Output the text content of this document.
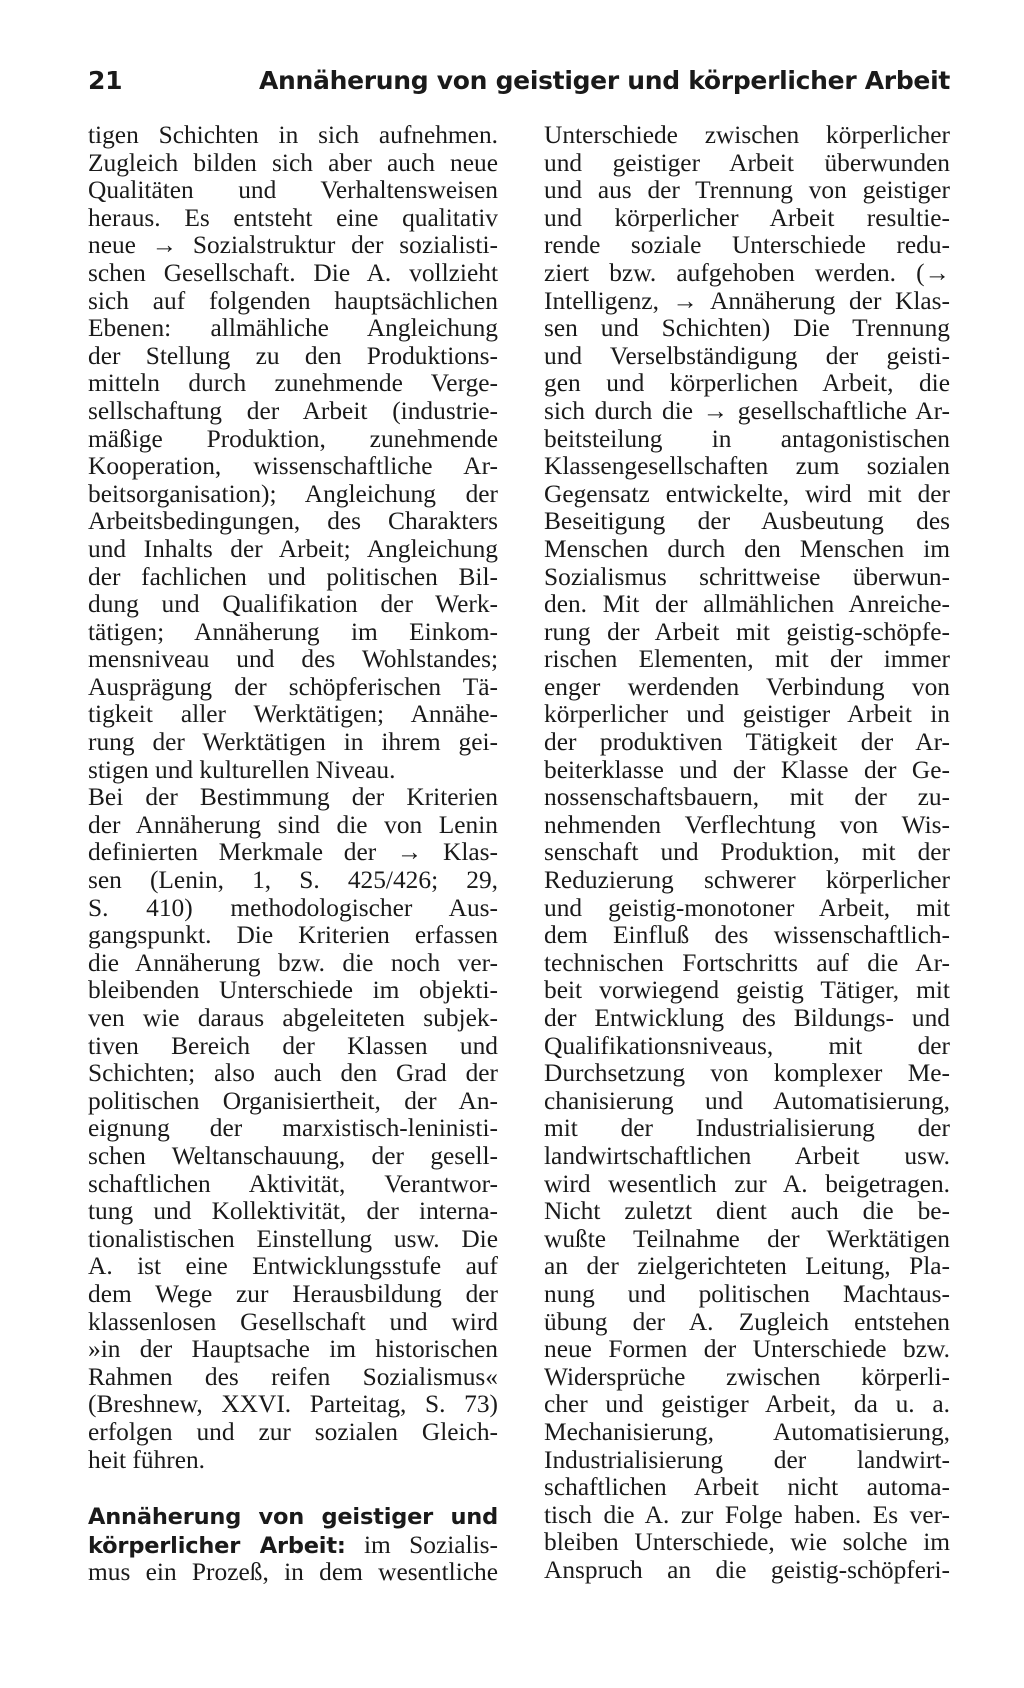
21	Annäherung von geistiger und körperlicher Arbeit
tigen Schichten in sich aufnehmen.
Zugleich bilden sich aber auch neue
Qualitäten und Verhaltensweisen
heraus. Es entsteht eine qualitativ
neue → Sozialstruktur der sozialisti-
schen Gesellschaft. Die A. vollzieht
sich auf folgenden hauptsächlichen
Ebenen: allmähliche Angleichung
der Stellung zu den Produktions-
mitteln durch zunehmende Verge-
sellschaftung der Arbeit (industrie-
mäßige Produktion, zunehmende
Kooperation, wissenschaftliche Ar-
beitsorganisation); Angleichung der
Arbeitsbedingungen, des Charakters
und Inhalts der Arbeit; Angleichung
der fachlichen und politischen Bil-
dung und Qualifikation der Werk-
tätigen; Annäherung im Einkom-
mensniveau und des Wohlstandes;
Ausprägung der schöpferischen Tä-
tigkeit aller Werktätigen; Annähe-
rung der Werktätigen in ihrem gei-
stigen und kulturellen Niveau.
Bei der Bestimmung der Kriterien
der Annäherung sind die von Lenin
definierten Merkmale der → Klas-
sen (Lenin, 1, S. 425/426; 29,
S. 410) methodologischer Aus-
gangspunkt. Die Kriterien erfassen
die Annäherung bzw. die noch ver-
bleibenden Unterschiede im objekti-
ven wie daraus abgeleiteten subjek-
tiven Bereich der Klassen und
Schichten; also auch den Grad der
politischen Organisiertheit, der An-
eignung der marxistisch-leninisti-
schen Weltanschauung, der gesell-
schaftlichen Aktivität, Verantwor-
tung und Kollektivität, der interna-
tionalistischen Einstellung usw. Die
A. ist eine Entwicklungsstufe auf
dem Wege zur Herausbildung der
klassenlosen Gesellschaft und wird
»in der Hauptsache im historischen
Rahmen des reifen Sozialismus«
(Breshnew, XXVI. Parteitag, S. 73)
erfolgen und zur sozialen Gleich-
heit führen.
Annäherung von geistiger und
körperlicher Arbeit: im Sozialis-
mus ein Prozeß, in dem wesentliche
Unterschiede zwischen körperlicher
und geistiger Arbeit überwunden
und aus der Trennung von geistiger
und körperlicher Arbeit resultie-
rende soziale Unterschiede redu-
ziert bzw. aufgehoben werden. (→
Intelligenz, → Annäherung der Klas-
sen und Schichten) Die Trennung
und Verselbständigung der geisti-
gen und körperlichen Arbeit, die
sich durch die → gesellschaftliche Ar-
beitsteilung in antagonistischen
Klassengesellschaften zum sozialen
Gegensatz entwickelte, wird mit der
Beseitigung der Ausbeutung des
Menschen durch den Menschen im
Sozialismus schrittweise überwun-
den. Mit der allmählichen Anreiche-
rung der Arbeit mit geistig-schöpfe-
rischen Elementen, mit der immer
enger werdenden Verbindung von
körperlicher und geistiger Arbeit in
der produktiven Tätigkeit der Ar-
beiterklasse und der Klasse der Ge-
nossenschaftsbauern, mit der zu-
nehmenden Verflechtung von Wis-
senschaft und Produktion, mit der
Reduzierung schwerer körperlicher
und geistig-monotoner Arbeit, mit
dem Einfluß des wissenschaftlich-
technischen Fortschritts auf die Ar-
beit vorwiegend geistig Tätiger, mit
der Entwicklung des Bildungs- und
Qualifikationsniveaus, mit der
Durchsetzung von komplexer Me-
chanisierung und Automatisierung,
mit der Industrialisierung der
landwirtschaftlichen Arbeit usw.
wird wesentlich zur A. beigetragen.
Nicht zuletzt dient auch die be-
wußte Teilnahme der Werktätigen
an der zielgerichteten Leitung, Pla-
nung und politischen Machtaus-
übung der A. Zugleich entstehen
neue Formen der Unterschiede bzw.
Widersprüche zwischen körperli-
cher und geistiger Arbeit, da u. a.
Mechanisierung, Automatisierung,
Industrialisierung der landwirt-
schaftlichen Arbeit nicht automa-
tisch die A. zur Folge haben. Es ver-
bleiben Unterschiede, wie solche im
Anspruch an die geistig-schöpferi-
